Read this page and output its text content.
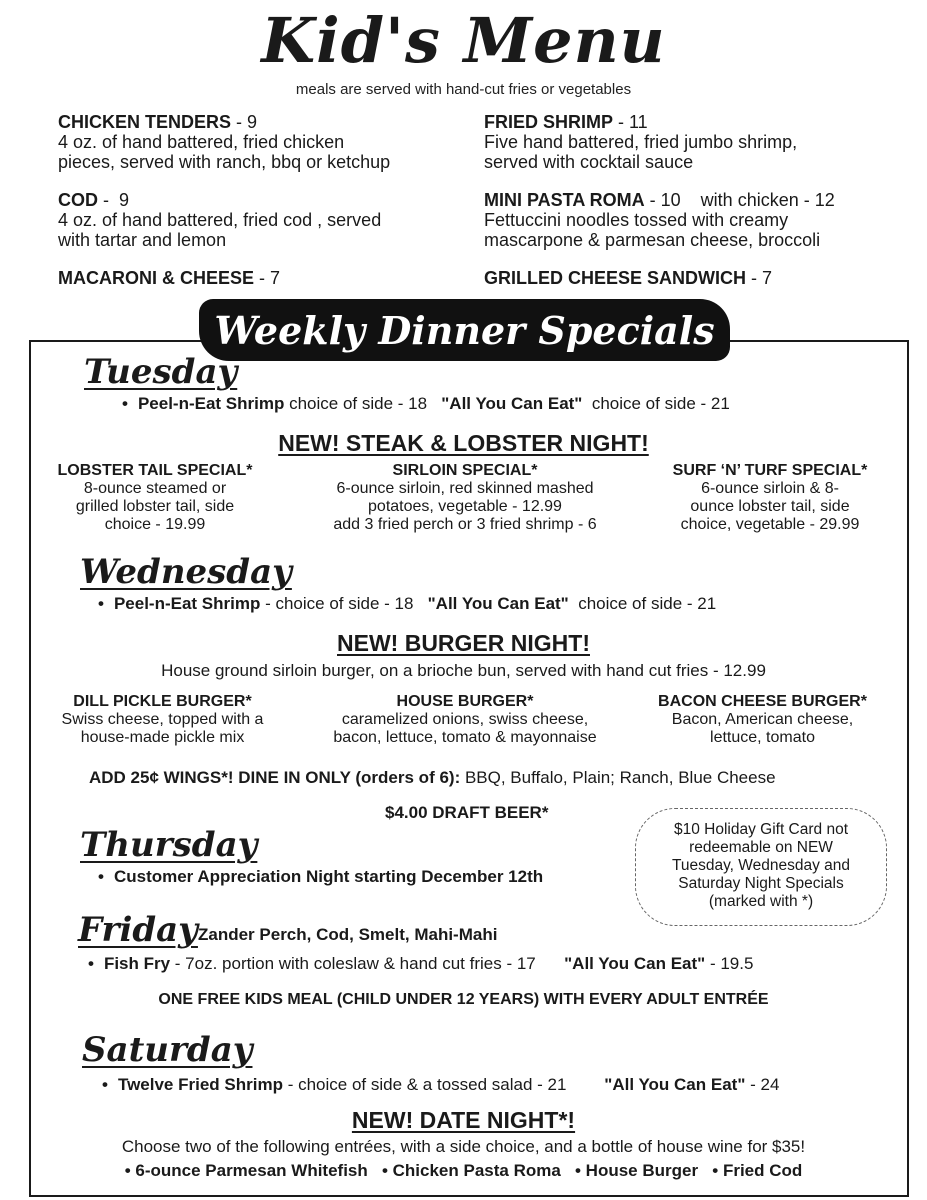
Kid's Menu
meals are served with hand-cut fries or vegetables
CHICKEN TENDERS - 9
4 oz. of hand battered, fried chicken
pieces, served with ranch, bbq or ketchup
FRIED SHRIMP - 11
Five hand battered, fried jumbo shrimp,
served with cocktail sauce
COD -  9
4 oz. of hand battered, fried cod , served
with tartar and lemon
MINI PASTA ROMA - 10    with chicken - 12
Fettuccini noodles tossed with creamy
mascarpone & parmesan cheese, broccoli
MACARONI & CHEESE - 7	GRILLED CHEESE SANDWICH - 7
Weekly Dinner Specials
Tuesday
• Peel-n-Eat Shrimp choice of side - 18 "All You Can Eat"  choice of side - 21
NEW! STEAK & LOBSTER NIGHT!
LOBSTER TAIL SPECIAL*
8-ounce steamed or
grilled lobster tail, side
choice - 19.99
SIRLOIN SPECIAL*
6-ounce sirloin, red skinned mashed
potatoes, vegetable - 12.99
add 3 fried perch or 3 fried shrimp - 6
SURF ‘N’ TURF SPECIAL*
6-ounce sirloin & 8-
ounce lobster tail, side
choice, vegetable - 29.99
Wednesday
• Peel-n-Eat Shrimp - choice of side - 18 "All You Can Eat"  choice of side - 21
NEW! BURGER NIGHT!
House ground sirloin burger, on a brioche bun, served with hand cut fries - 12.99
DILL PICKLE BURGER*
Swiss cheese, topped with a
house-made pickle mix
HOUSE BURGER*
caramelized onions, swiss cheese,
bacon, lettuce, tomato & mayonnaise
BACON CHEESE BURGER*
Bacon, American cheese,
lettuce, tomato
ADD 25¢ WINGS*! DINE IN ONLY (orders of 6): BBQ, Buffalo, Plain; Ranch, Blue Cheese
$4.00 DRAFT BEER*
Thursday
• Customer Appreciation Night starting December 12th
$10 Holiday Gift Card not
redeemable on NEW
Tuesday, Wednesday and
Saturday Night Specials
(marked with *)
Friday Zander Perch, Cod, Smelt, Mahi-Mahi
• Fish Fry - 7oz. portion with coleslaw & hand cut fries - 17 "All You Can Eat" - 19.5
ONE FREE KIDS MEAL (CHILD UNDER 12 YEARS) WITH EVERY ADULT ENTRÉE
Saturday
• Twelve Fried Shrimp - choice of side & a tossed salad - 21 "All You Can Eat" - 24
NEW! DATE NIGHT*!
Choose two of the following entrées, with a side choice, and a bottle of house wine for $35!
• 6-ounce Parmesan Whitefish • Chicken Pasta Roma • House Burger • Fried Cod
